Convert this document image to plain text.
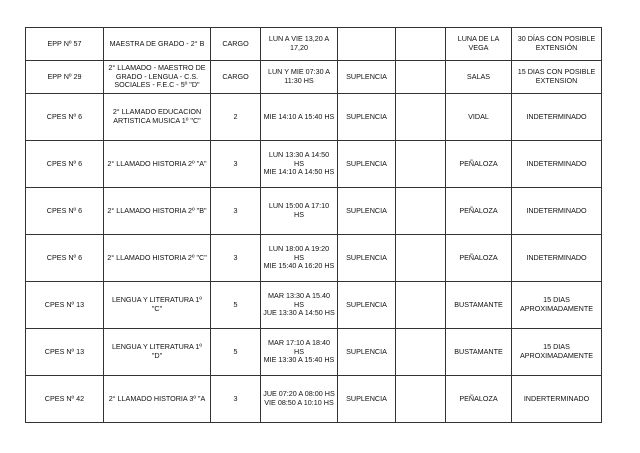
EPP Nº 57	MAESTRA DE GRADO - 2° B	CARGO	LUN A VIE 13,20 A
17,20			LUNA DE LA VEGA	30 DÍAS CON POSIBLE
EXTENSIÓN
EPP Nº 29	2° LLAMADO - MAESTRO DE
GRADO - LENGUA - C.S.
SOCIALES - F.E.C - 5º "D"	CARGO	LUN Y MIE 07:30 A
11:30 HS	SUPLENCIA		SALAS	15 DIAS CON POSIBLE
EXTENSION
CPES Nº 6	2° LLAMADO EDUCACION
ARTISTICA MUSICA 1º "C"	2	MIE 14:10 A 15:40 HS	SUPLENCIA		VIDAL	INDETERMINADO
CPES Nº 6	2° LLAMADO HISTORIA 2º "A"	3	LUN 13:30 A 14:50 HS
MIE 14:10 A 14:50 HS	SUPLENCIA		PEÑALOZA	INDETERMINADO
CPES Nº 6	2° LLAMADO HISTORIA 2º "B"	3	LUN 15:00 A 17:10 HS	SUPLENCIA		PEÑALOZA	INDETERMINADO
CPES Nº 6	2° LLAMADO HISTORIA 2º "C"	3	LUN 18:00 A 19:20 HS
MIE 15:40 A 16:20 HS	SUPLENCIA		PEÑALOZA	INDETERMINADO
CPES Nº 13	LENGUA Y LITERATURA 1º "C"	5	MAR 13:30 A 15.40 HS
JUE 13:30 A 14:50 HS	SUPLENCIA		BUSTAMANTE	15 DIAS
APROXIMADAMENTE
CPES Nº 13	LENGUA Y LITERATURA 1º "D"	5	MAR 17:10 A 18:40 HS
MIE 13:30 A 15:40 HS	SUPLENCIA		BUSTAMANTE	15 DIAS
APROXIMADAMENTE
CPES Nº 42	2° LLAMADO HISTORIA 3º "A	3	JUE 07:20 A 08:00 HS
VIE 08:50 A 10:10 HS	SUPLENCIA		PEÑALOZA	INDERTERMINADO
